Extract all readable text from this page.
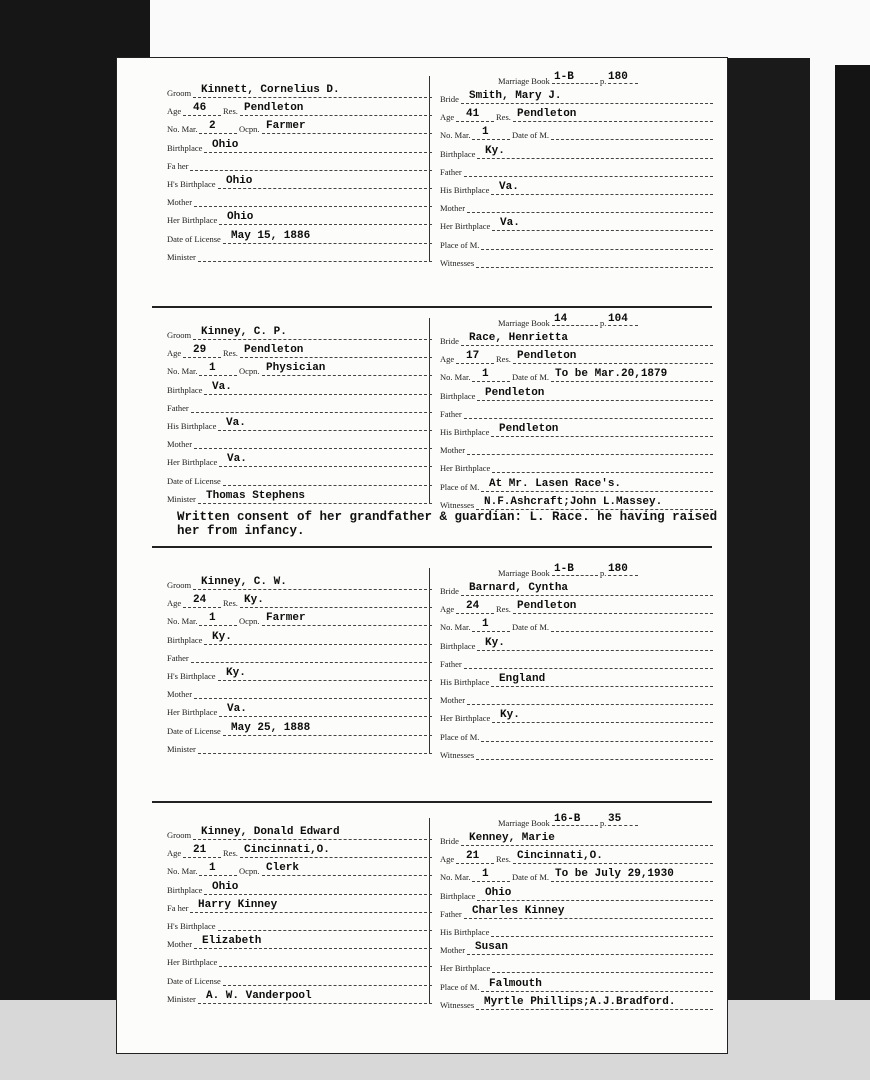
Groom Kinnett, Cornelius D.
Age 46 Res. Pendleton
No. Mar. 2	Ocpn. Farmer
Birthplace Ohio
Fa her
H's Birthplace Ohio
Mother
Her Birthplace Ohio
Date of License May 15, 1886
Minister
Marriage Book 1-B	p. 180
Bride Smith, Mary J.
Age 41 Res. Pendleton
No. Mar. 1	Date of M.
Birthplace Ky.
Father
His Birthplace Va.
Mother
Her Birthplace Va.
Place of M.
Witnesses
Groom Kinney, C. P.
Age 29 Res. Pendleton
No. Mar. 1	Ocpn. Physician
Birthplace Va.
Father
His Birthplace Va.
Mother
Her Birthplace Va.
Date of License
Minister Thomas Stephens
Marriage Book 14	p. 104
Bride Race, Henrietta
Age 17 Res. Pendleton
No. Mar. 1	Date of M. To be Mar.20,1879
Birthplace Pendleton
Father
His Birthplace Pendleton
Mother
Her Birthplace
Place of M. At Mr. Lasen Race's.
Witnesses N.F.Ashcraft;John L.Massey.
Written consent of her grandfather & guardian: L. Race. he having raised her from infancy.
Groom Kinney, C. W.
Age 24 Res. Ky.
No. Mar. 1	Ocpn. Farmer
Birthplace Ky.
Father
H's Birthplace Ky.
Mother
Her Birthplace Va.
Date of License May 25, 1888
Minister
Marriage Book 1-B	p. 180
Bride Barnard, Cyntha
Age 24 Res. Pendleton
No. Mar. 1	Date of M.
Birthplace Ky.
Father
His Birthplace England
Mother
Her Birthplace Ky.
Place of M.
Witnesses
Groom Kinney, Donald Edward
Age 21 Res. Cincinnati,O.
No. Mar. 1	Ocpn. Clerk
Birthplace Ohio
Fa her Harry Kinney
H's Birthplace
Mother Elizabeth
Her Birthplace
Date of License
Minister A. W. Vanderpool
Marriage Book 16-B p. 35
Bride Kenney, Marie
Age 21 Res. Cincinnati,O.
No. Mar. 1	Date of M. To be July 29,1930
Birthplace Ohio
Father Charles Kinney
His Birthplace
Mother Susan
Her Birthplace
Place of M. Falmouth
Witnesses Myrtle Phillips;A.J.Bradford.
